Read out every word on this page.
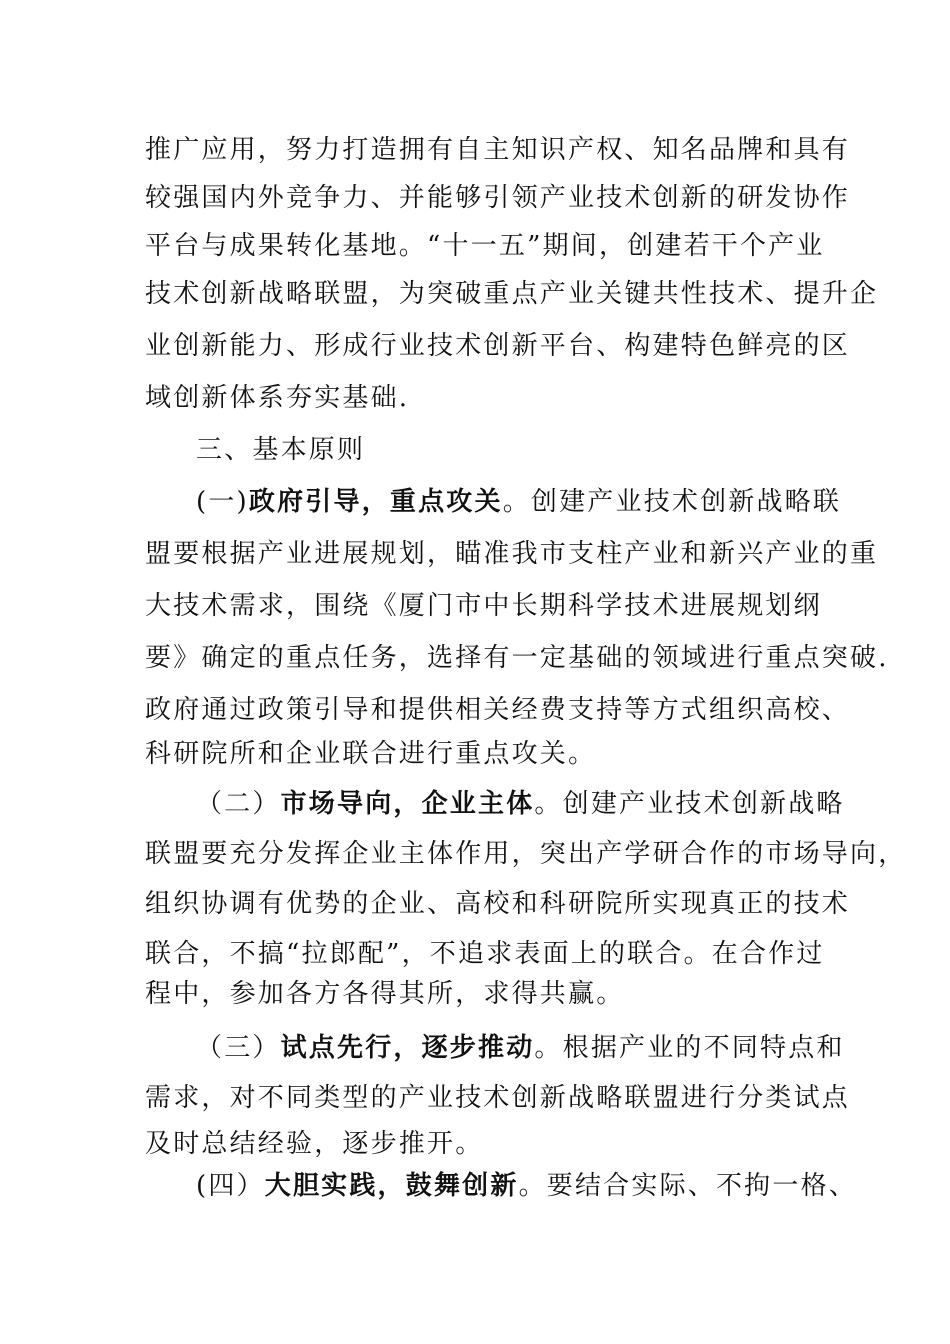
推广应用，努力打造拥有自主知识产权、知名品牌和具有
较强国内外竞争力、并能够引领产业技术创新的研发协作
平台与成果转化基地。“十一五”期间，创建若干个产业
技术创新战略联盟，为突破重点产业关键共性技术、提升企
业创新能力、形成行业技术创新平台、构建特色鲜亮的区
域创新体系夯实基础.
三、基本原则
(一)政府引导，重点攻关。创建产业技术创新战略联
盟要根据产业进展规划，瞄准我市支柱产业和新兴产业的重
大技术需求，围绕《厦门市中长期科学技术进展规划纲
要》确定的重点任务，选择有一定基础的领域进行重点突破.
政府通过政策引导和提供相关经费支持等方式组织高校、
科研院所和企业联合进行重点攻关。
（二）市场导向，企业主体。创建产业技术创新战略
联盟要充分发挥企业主体作用，突出产学研合作的市场导向，
组织协调有优势的企业、高校和科研院所实现真正的技术
联合，不搞“拉郎配”，不追求表面上的联合。在合作过
程中，参加各方各得其所，求得共赢。
（三）试点先行，逐步推动。根据产业的不同特点和
需求，对不同类型的产业技术创新战略联盟进行分类试点
及时总结经验，逐步推开。
(四）大胆实践，鼓舞创新。要结合实际、不拘一格、
